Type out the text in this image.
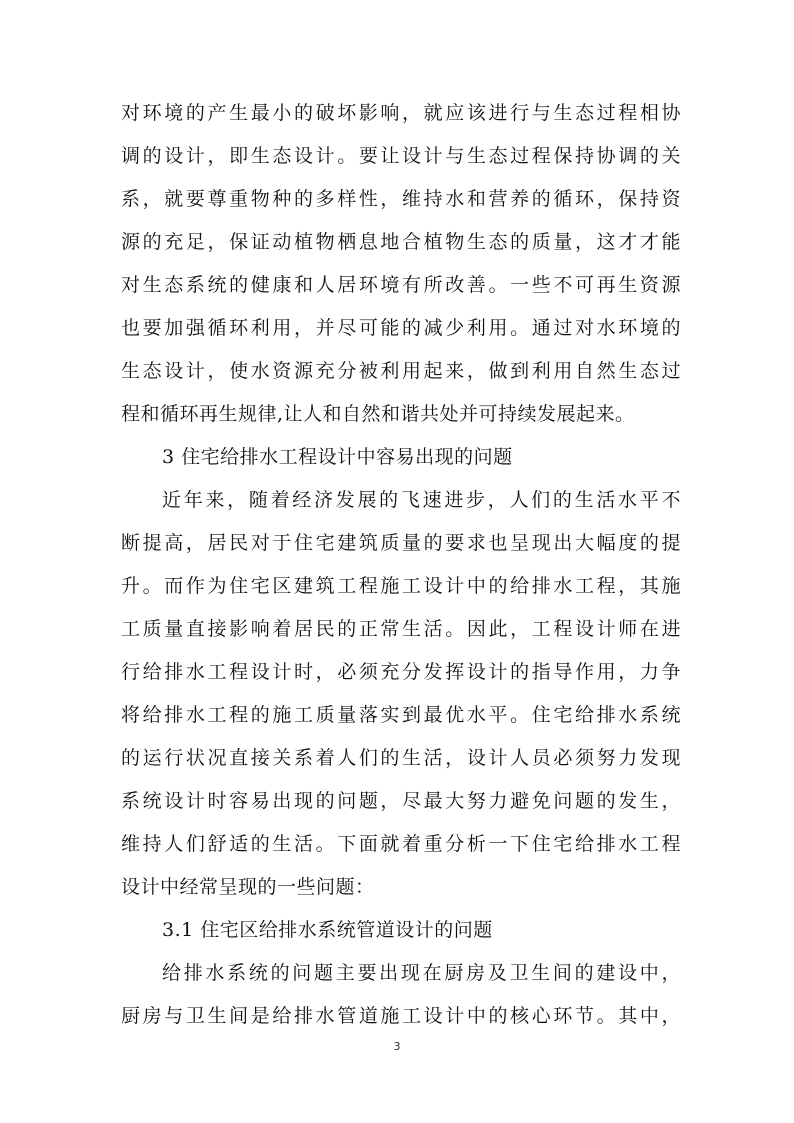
对环境的产生最小的破坏影响，就应该进行与生态过程相协
调的设计，即生态设计。要让设计与生态过程保持协调的关
系，就要尊重物种的多样性，维持水和营养的循环，保持资
源的充足，保证动植物栖息地合植物生态的质量，这才才能
对生态系统的健康和人居环境有所改善。一些不可再生资源
也要加强循环利用，并尽可能的减少利用。通过对水环境的
生态设计，使水资源充分被利用起来，做到利用自然生态过
程和循环再生规律,让人和自然和谐共处并可持续发展起来。
3 住宅给排水工程设计中容易出现的问题
近年来，随着经济发展的飞速进步，人们的生活水平不
断提高，居民对于住宅建筑质量的要求也呈现出大幅度的提
升。而作为住宅区建筑工程施工设计中的给排水工程，其施
工质量直接影响着居民的正常生活。因此，工程设计师在进
行给排水工程设计时，必须充分发挥设计的指导作用，力争
将给排水工程的施工质量落实到最优水平。住宅给排水系统
的运行状况直接关系着人们的生活，设计人员必须努力发现
系统设计时容易出现的问题，尽最大努力避免问题的发生，
维持人们舒适的生活。下面就着重分析一下住宅给排水工程
设计中经常呈现的一些问题：
3.1 住宅区给排水系统管道设计的问题
给排水系统的问题主要出现在厨房及卫生间的建设中，
厨房与卫生间是给排水管道施工设计中的核心环节。其中，
3
